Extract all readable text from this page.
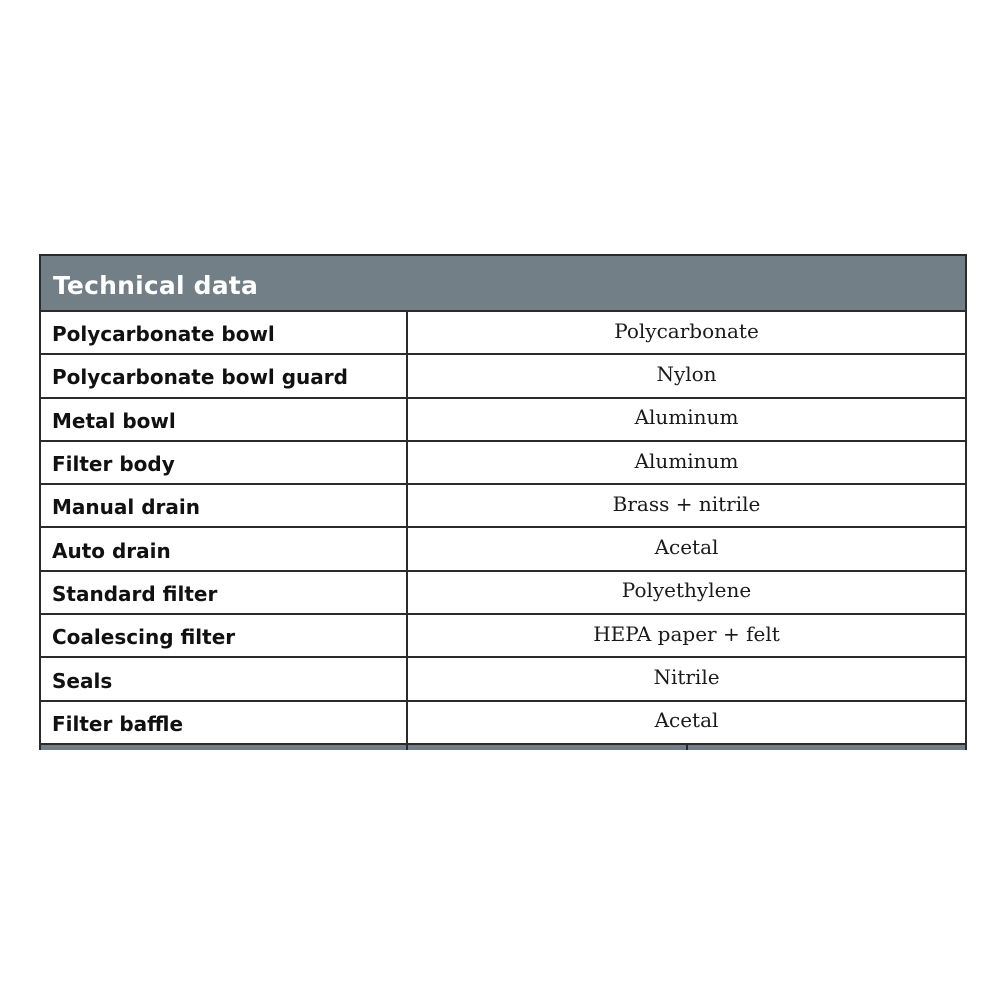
Technical data
Polycarbonate bowl	Polycarbonate
Polycarbonate bowl guard	Nylon
Metal bowl	Aluminum
Filter body	Aluminum
Manual drain	Brass + nitrile
Auto drain	Acetal
Standard filter	Polyethylene
Coalescing filter	HEPA paper + felt
Seals	Nitrile
Filter baffle	Acetal
